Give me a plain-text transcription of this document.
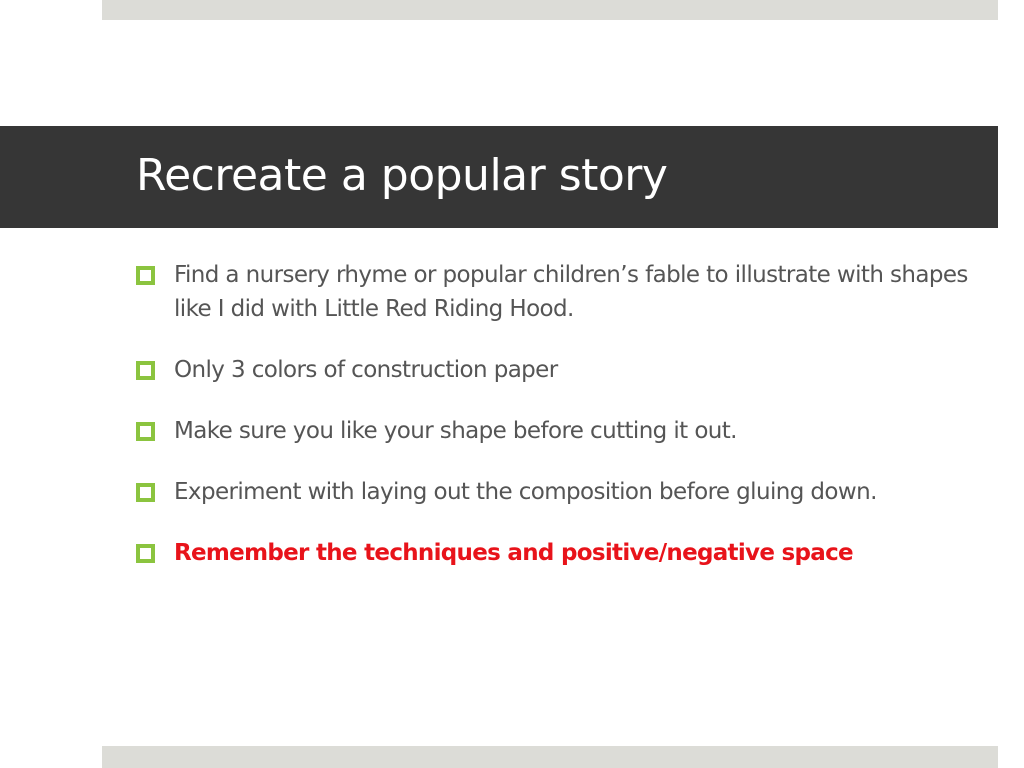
Recreate a popular story
Find a nursery rhyme or popular children’s fable to illustrate with shapes like I did with Little Red Riding Hood.
Only 3 colors of construction paper
Make sure you like your shape before cutting it out.
Experiment with laying out the composition before gluing down.
Remember the techniques and positive/negative space
